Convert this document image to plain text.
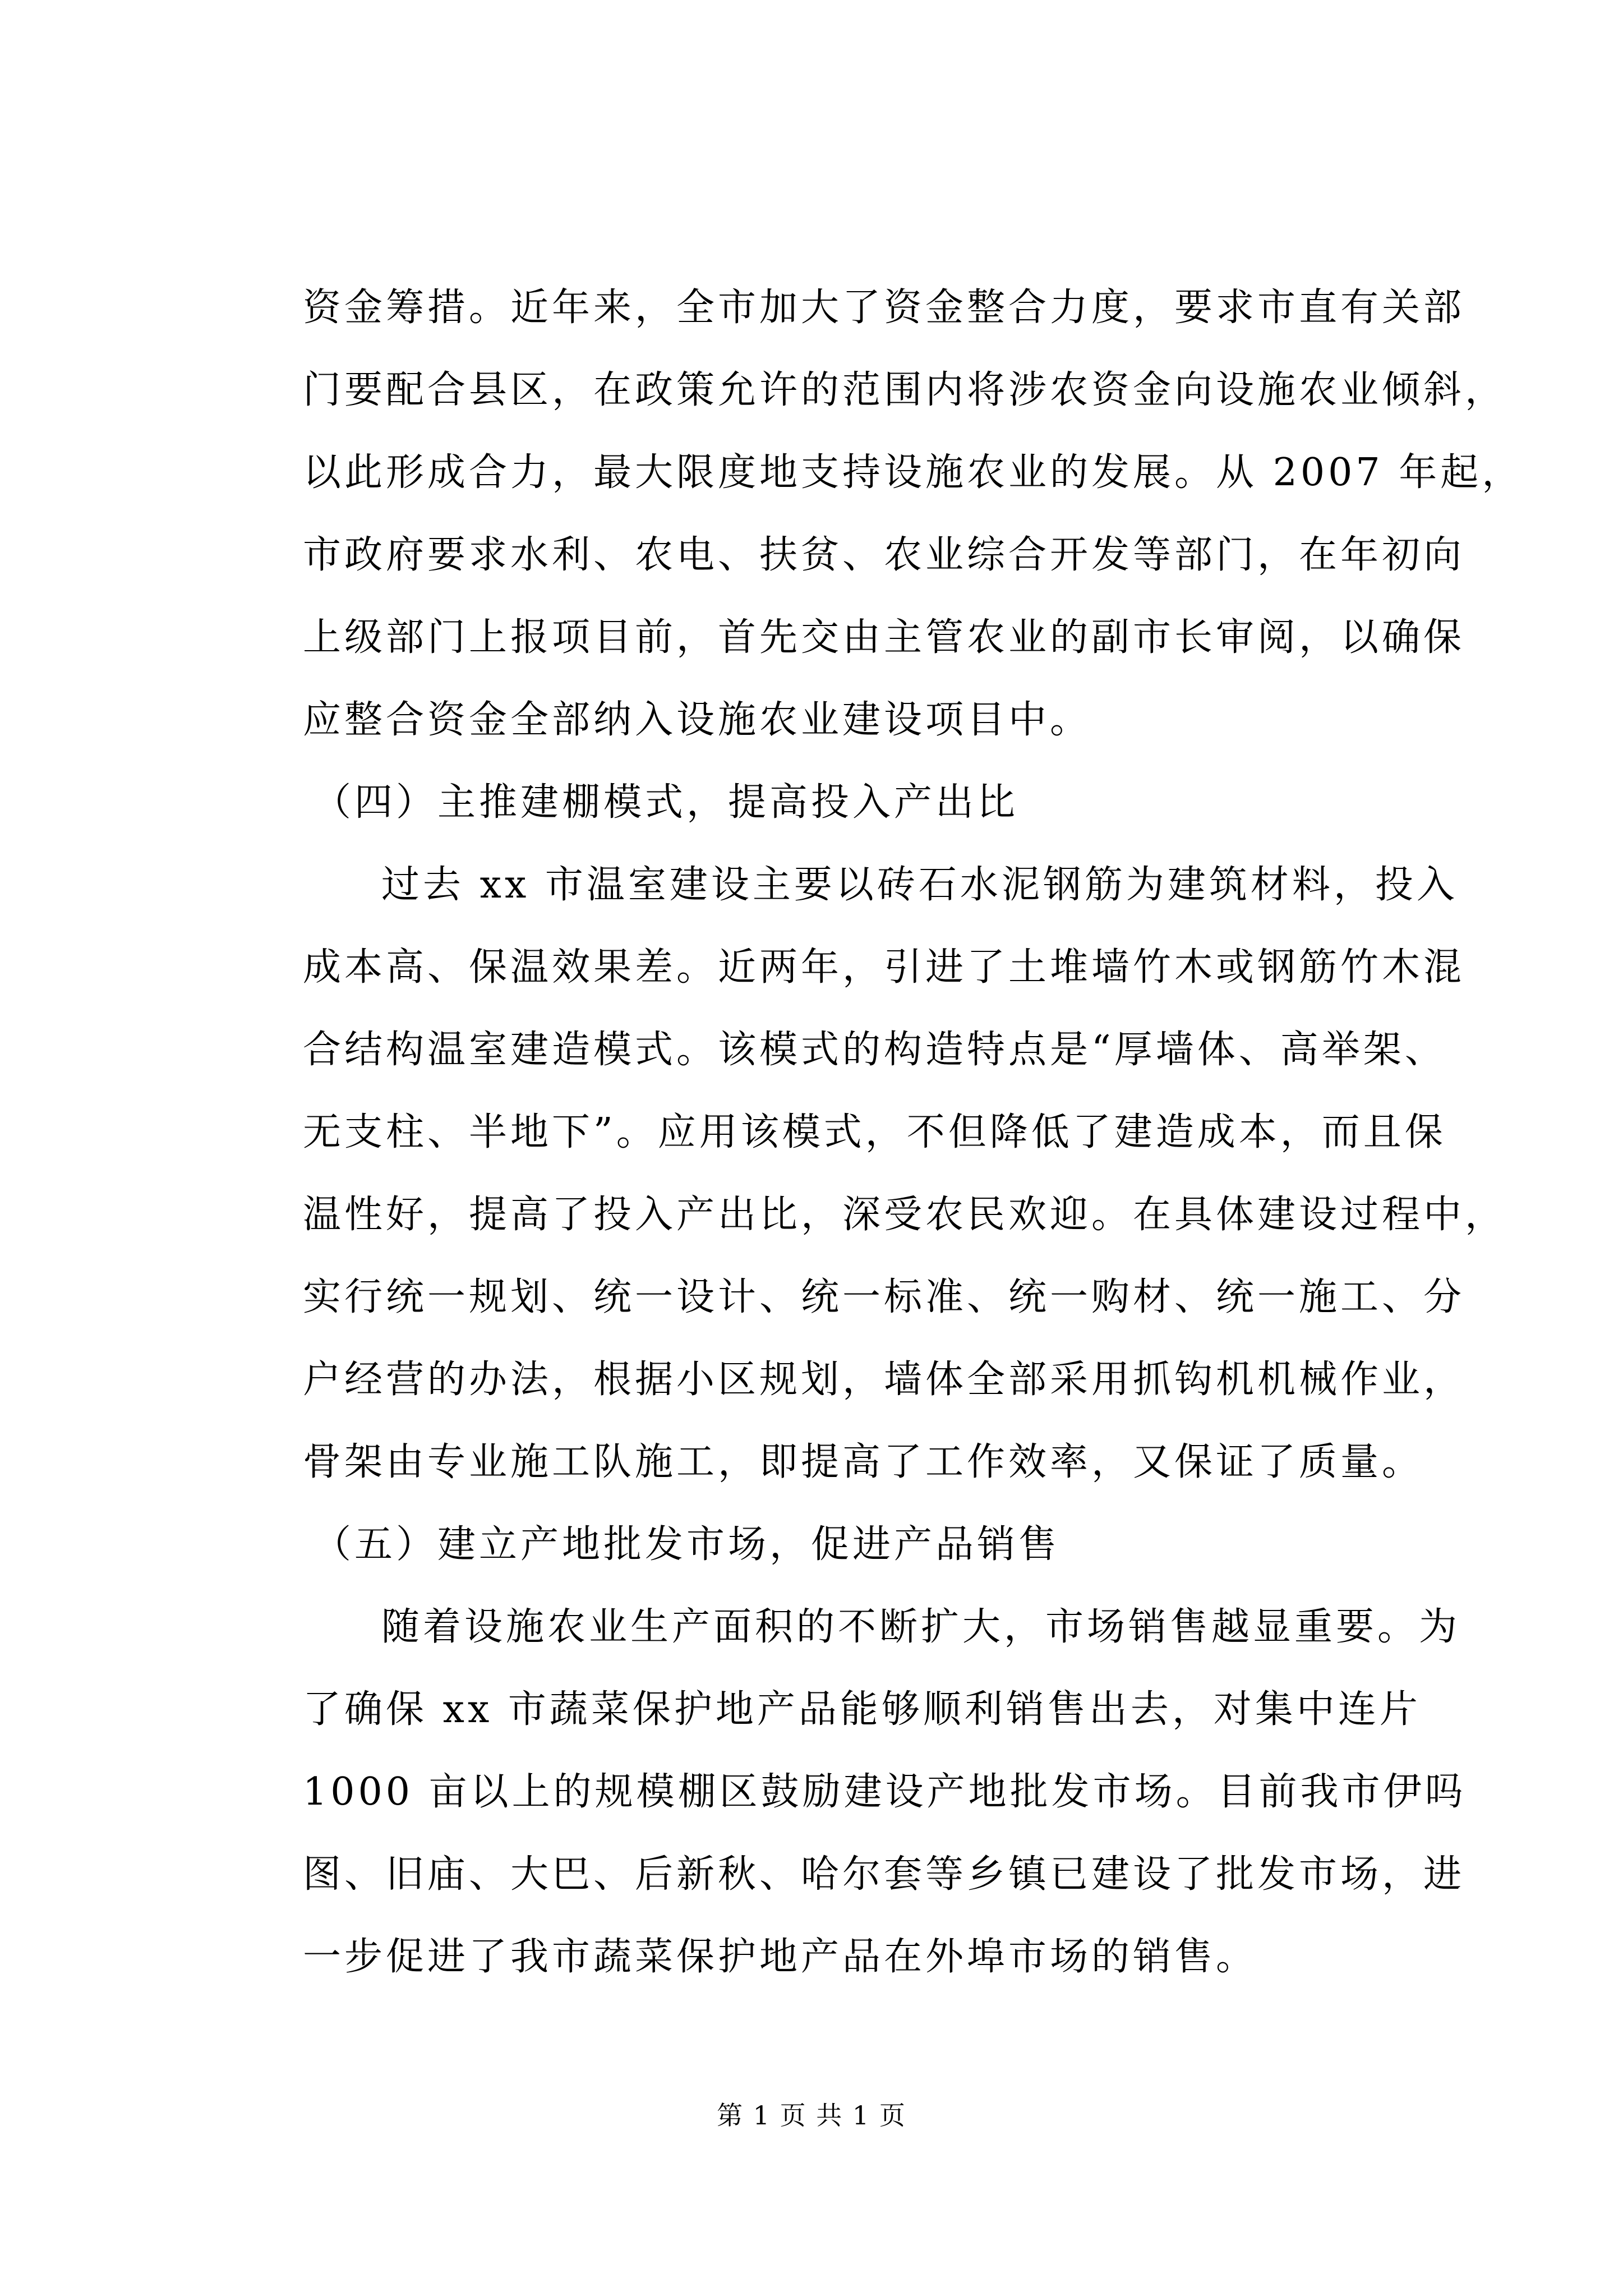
资金筹措。近年来，全市加大了资金整合力度，要求市直有关部
门要配合县区，在政策允许的范围内将涉农资金向设施农业倾斜，
以此形成合力，最大限度地支持设施农业的发展。从 2007 年起，
市政府要求水利、农电、扶贫、农业综合开发等部门，在年初向
上级部门上报项目前，首先交由主管农业的副市长审阅，以确保
应整合资金全部纳入设施农业建设项目中。
（四）主推建棚模式，提高投入产出比
过去 xx 市温室建设主要以砖石水泥钢筋为建筑材料，投入
成本高、保温效果差。近两年，引进了土堆墙竹木或钢筋竹木混
合结构温室建造模式。该模式的构造特点是“厚墙体、高举架、
无支柱、半地下”。应用该模式，不但降低了建造成本，而且保
温性好，提高了投入产出比，深受农民欢迎。在具体建设过程中，
实行统一规划、统一设计、统一标准、统一购材、统一施工、分
户经营的办法，根据小区规划，墙体全部采用抓钩机机械作业，
骨架由专业施工队施工，即提高了工作效率，又保证了质量。
（五）建立产地批发市场，促进产品销售
随着设施农业生产面积的不断扩大，市场销售越显重要。为
了确保 xx 市蔬菜保护地产品能够顺利销售出去，对集中连片
1000 亩以上的规模棚区鼓励建设产地批发市场。目前我市伊吗
图、旧庙、大巴、后新秋、哈尔套等乡镇已建设了批发市场，进
一步促进了我市蔬菜保护地产品在外埠市场的销售。
第 1 页 共 1 页
